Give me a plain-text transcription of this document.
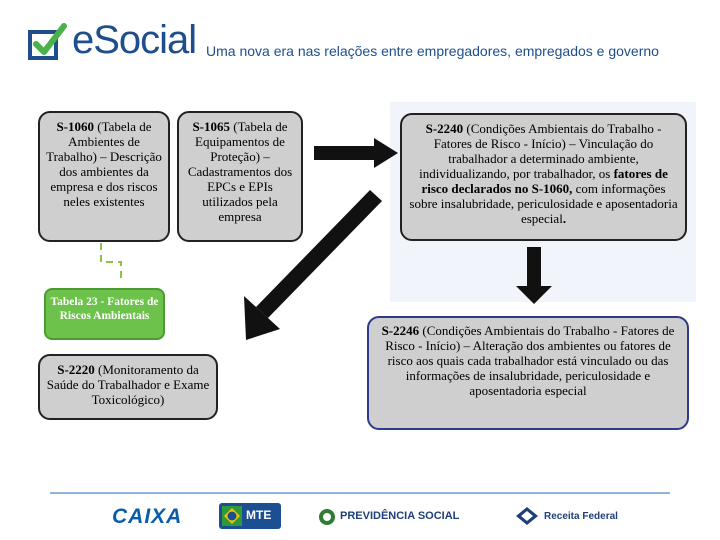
eSocial Uma nova era nas relações entre empregadores, empregados e governo
S-1060 (Tabela de Ambientes de Trabalho) – Descrição dos ambientes da empresa e dos riscos neles existentes
S-1065 (Tabela de Equipamentos de Proteção) – Cadastramentos dos EPCs e EPIs utilizados pela empresa
S-2240 (Condições Ambientais do Trabalho - Fatores de Risco - Início) – Vinculação do trabalhador a determinado ambiente, individualizando, por trabalhador, os fatores de risco declarados no S-1060, com informações sobre insalubridade, periculosidade e aposentadoria especial.
Tabela 23 - Fatores de Riscos Ambientais
S-2220 (Monitoramento da Saúde do Trabalhador e Exame Toxicológico)
S-2246 (Condições Ambientais do Trabalho - Fatores de Risco - Início) – Alteração dos ambientes ou fatores de risco aos quais cada trabalhador está vinculado ou das informações de insalubridade, periculosidade e aposentadoria especial
CAIXA	MTE	PREVIDÊNCIA SOCIAL	Receita Federal
